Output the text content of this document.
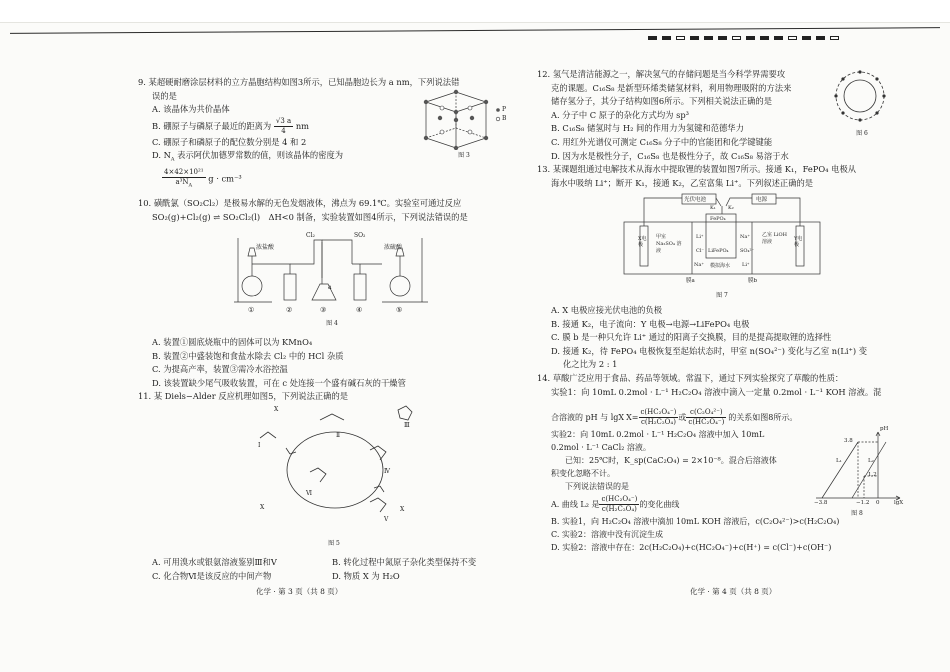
9. 某超硬耐磨涂层材料的立方晶胞结构如图3所示，已知晶胞边长为 a nm，下列说法错
误的是
A. 该晶体为共价晶体
B. 硼原子与磷原子最近的距离为 $\frac{√3 a}{4}$ nm
C. 硼原子和磷原子的配位数分别是 4 和 2
D. $N_A$ 表示阿伏加德罗常数的值，则该晶体的密度为
$\frac{\text{4×42×10²¹}}{a^3N_A}$ g · cm⁻³
10. 磺酰氯（SO₂Cl₂）是极易水解的无色发烟液体，沸点为 69.1℃。实验室可通过反应
SO₂(g)+Cl₂(g) ⇌ SO₂Cl₂(l)　ΔH<0 制备，实验装置如图4所示，下列说法错误的是
A. 装置①圆底烧瓶中的固体可以为 KMnO₄
B. 装置②中盛装饱和食盐水除去 Cl₂ 中的 HCl 杂质
C. 为提高产率，装置③需冷水浴控温
D. 该装置缺少尾气吸收装置，可在 c 处连接一个盛有碱石灰的干燥管
11. 某 Diels−Alder 反应机理如图5，下列说法正确的是
A. 可用溴水或银氨溶液鉴别Ⅲ和Ⅴ	B. 转化过程中氮原子杂化类型保持不变
C. 化合物Ⅵ是该反应的中间产物	D. 物质 X 为 H₂O
P
B
图 3
浓盐酸
Cl₂	SO₂
浓硫酸
a
①	②	③	④	⑤
图 4
Ⅰ
Ⅱ
Ⅲ
Ⅳ
Ⅴ
Ⅵ
X
X	X
图 5
化学 · 第 3 页（共 8 页）
12. 氢气是清洁能源之一，解决氢气的存储问题是当今科学界需要攻
克的课题。C₁₆S₈ 是新型环烯类储氢材料，利用物理吸附的方法来
储存氢分子，其分子结构如图6所示。下列相关说法正确的是
A. 分子中 C 原子的杂化方式均为 sp³
B. C₁₆S₈ 储氢时与 H₂ 间的作用力为氢键和范德华力
C. 用红外光谱仪可测定 C₁₆S₈ 分子中的官能团和化学键键能
D. 因为水是极性分子，C₁₆S₈ 也是极性分子，故 C₁₆S₈ 易溶于水
13. 某课题组通过电解技术从海水中提取锂的装置如图7所示。接通 K₁，FePO₄ 电极从
海水中吸纳 Li⁺；断开 K₁，接通 K₂，乙室富集 Li⁺。下列叙述正确的是
A. X 电极应接光伏电池的负极
B. 接通 K₂，电子流向：Y 电极→电源→LiFePO₄ 电极
C. 膜 b 是一种只允许 Li⁺ 通过的阳离子交换膜，目的是提高提取锂的选择性
D. 接通 K₂，待 FePO₄ 电极恢复至起始状态时，甲室 n(SO₄²⁻) 变化与乙室 n(Li⁺) 变
化之比为 2 : 1
14. 草酸广泛应用于食品、药品等领域。常温下，通过下列实验探究了草酸的性质：
实验1：向 10mL 0.2mol · L⁻¹ H₂C₂O₄ 溶液中滴入一定量 0.2mol · L⁻¹ KOH 溶液。混
合溶液的 pH 与 lgX $X= \frac{\text{c(HC₂O₄⁻)}}{\text{c(H₂C₂O₄)}}$ 或 $\frac{\text{c(C₂O₄²⁻)}}{\text{c(HC₂O₄⁻)}}$ 的关系如图8所示。
实验2：向 10mL 0.2mol · L⁻¹ H₂C₂O₄ 溶液中加入 10mL
0.2mol · L⁻¹ CaCl₂ 溶液。
已知：25℃时，K_sp(CaC₂O₄) = 2×10⁻⁸。混合后溶液体
积变化忽略不计。
下列说法错误的是
A. 曲线 L₂ 是 $\frac{\text{c(HC₂O₄⁻)}}{\text{c(H₂C₂O₄)}}$ 的变化曲线
B. 实验1，向 H₂C₂O₄ 溶液中滴加 10mL KOH 溶液后，c(C₂O₄²⁻)>c(H₂C₂O₄)
C. 实验2：溶液中没有沉淀生成
D. 实验2：溶液中存在：2c(H₂C₂O₄)+c(HC₂O₄⁻)+c(H⁺) = c(Cl⁻)+c(OH⁻)
图 6
光伏电池	电源
K₁ K₂
FePO₄
X电极
甲室 Na₂SO₄ 溶液
Li⁺
Cl⁻ LiFePO₄
Na⁺
SO₄²⁻
乙室 LiOH 溶液	Y电极
模拟海水
Na⁺	Li⁺
膜a	膜b
图 7
pH
lgX
3.8
1.2
−3.8	−1.2 0
L₁	L₂
图 8
化学 · 第 4 页（共 8 页）
